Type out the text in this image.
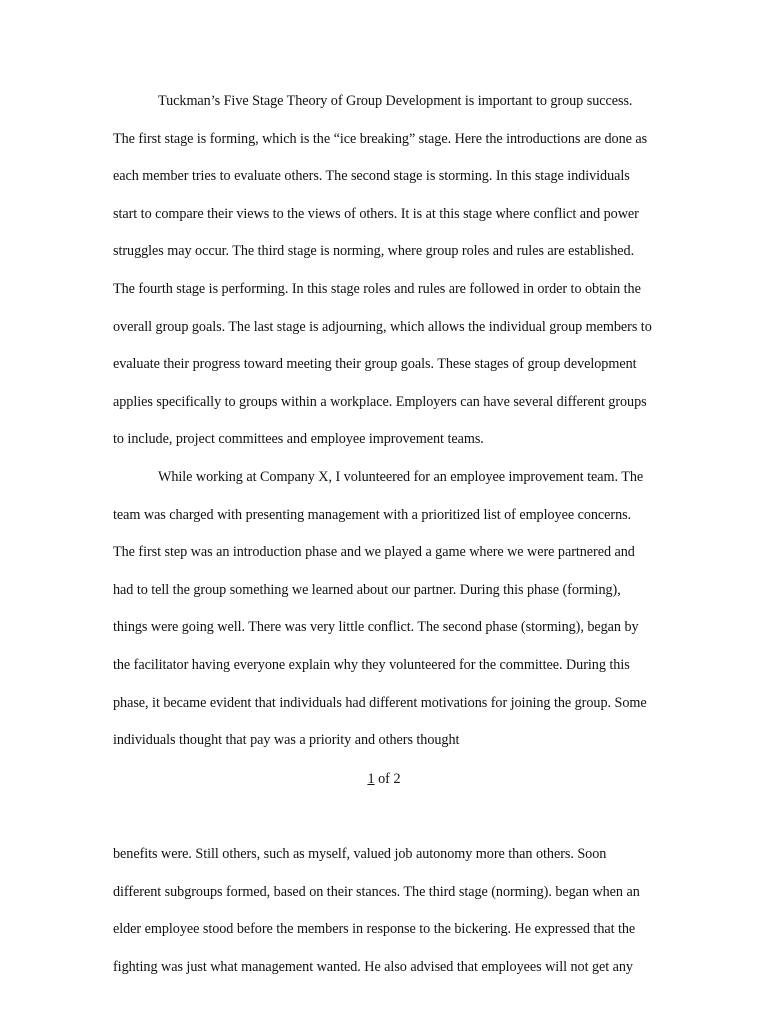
Tuckman’s Five Stage Theory of Group Development is important to group success.
The first stage is forming, which is the “ice breaking” stage. Here the introductions are done as
each member tries to evaluate others. The second stage is storming. In this stage individuals
start to compare their views to the views of others. It is at this stage where conflict and power
struggles may occur. The third stage is norming, where group roles and rules are established.
The fourth stage is performing. In this stage roles and rules are followed in order to obtain the
overall group goals. The last stage is adjourning, which allows the individual group members to
evaluate their progress toward meeting their group goals. These stages of group development
applies specifically to groups within a workplace. Employers can have several different groups
to include, project committees and employee improvement teams.
While working at Company X, I volunteered for an employee improvement team. The
team was charged with presenting management with a prioritized list of employee concerns.
The first step was an introduction phase and we played a game where we were partnered and
had to tell the group something we learned about our partner. During this phase (forming),
things were going well. There was very little conflict. The second phase (storming), began by
the facilitator having everyone explain why they volunteered for the committee. During this
phase, it became evident that individuals had different motivations for joining the group. Some
individuals thought that pay was a priority and others thought
1 of 2
benefits were. Still others, such as myself, valued job autonomy more than others. Soon
different subgroups formed, based on their stances. The third stage (norming). began when an
elder employee stood before the members in response to the bickering. He expressed that the
fighting was just what management wanted. He also advised that employees will not get any
